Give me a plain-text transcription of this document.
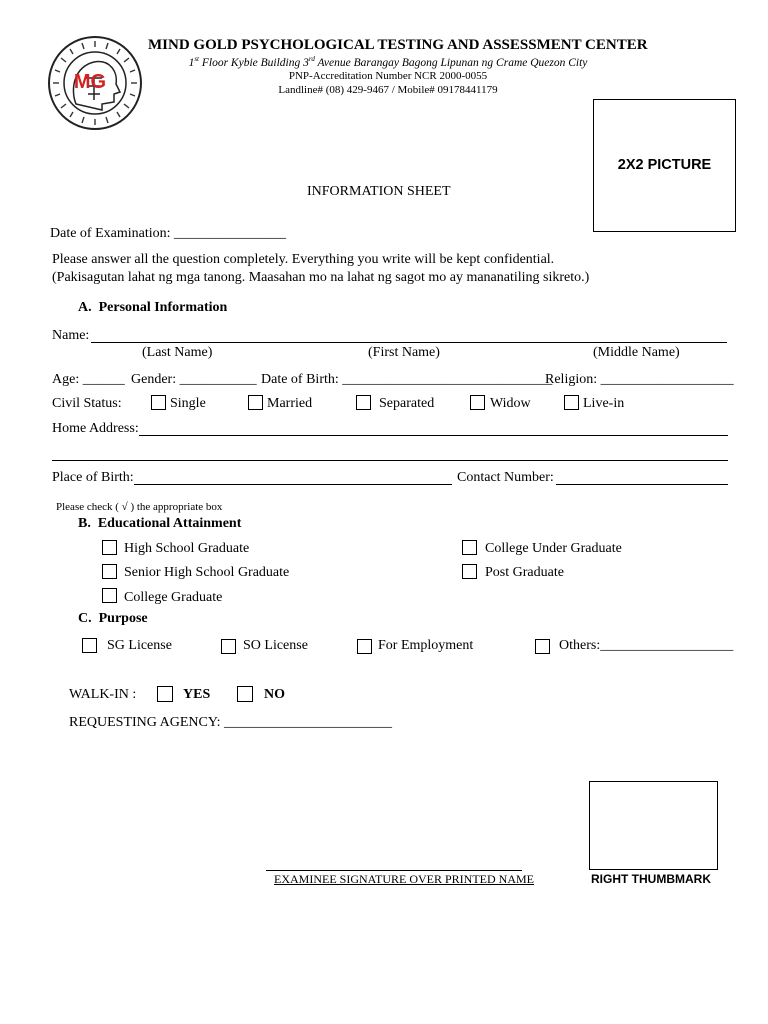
MG
MIND GOLD PSYCHOLOGICAL TESTING AND ASSESSMENT CENTER
1st Floor Kybie Building 3rd Avenue Barangay Bagong Lipunan ng Crame Quezon City
PNP-Accreditation Number NCR 2000-0055
Landline# (08) 429-9467 / Mobile# 09178441179
2X2 PICTURE
INFORMATION SHEET
Date of Examination: ________________
Please answer all the question completely. Everything you write will be kept confidential.
(Pakisagutan lahat ng mga tanong. Maasahan mo na lahat ng sagot mo ay mananatiling sikreto.)
A.  Personal Information
Name:
(Last Name)	(First Name)	(Middle Name)
Age: ______ Gender: ___________ Date of Birth: ______________________________
Religion: ___________________
Civil Status:	Single	Married	Separated	Widow	Live-in
Home Address:
Place of Birth:	Contact Number:
Please check ( √ ) the appropriate box
B.  Educational Attainment
High School Graduate
Senior High School Graduate
College Graduate
College Under Graduate
Post Graduate
C.  Purpose
SG License	SO License	For Employment	Others:___________________
WALK-IN :	YES	NO
REQUESTING AGENCY: ________________________
EXAMINEE SIGNATURE OVER PRINTED NAME	RIGHT THUMBMARK
